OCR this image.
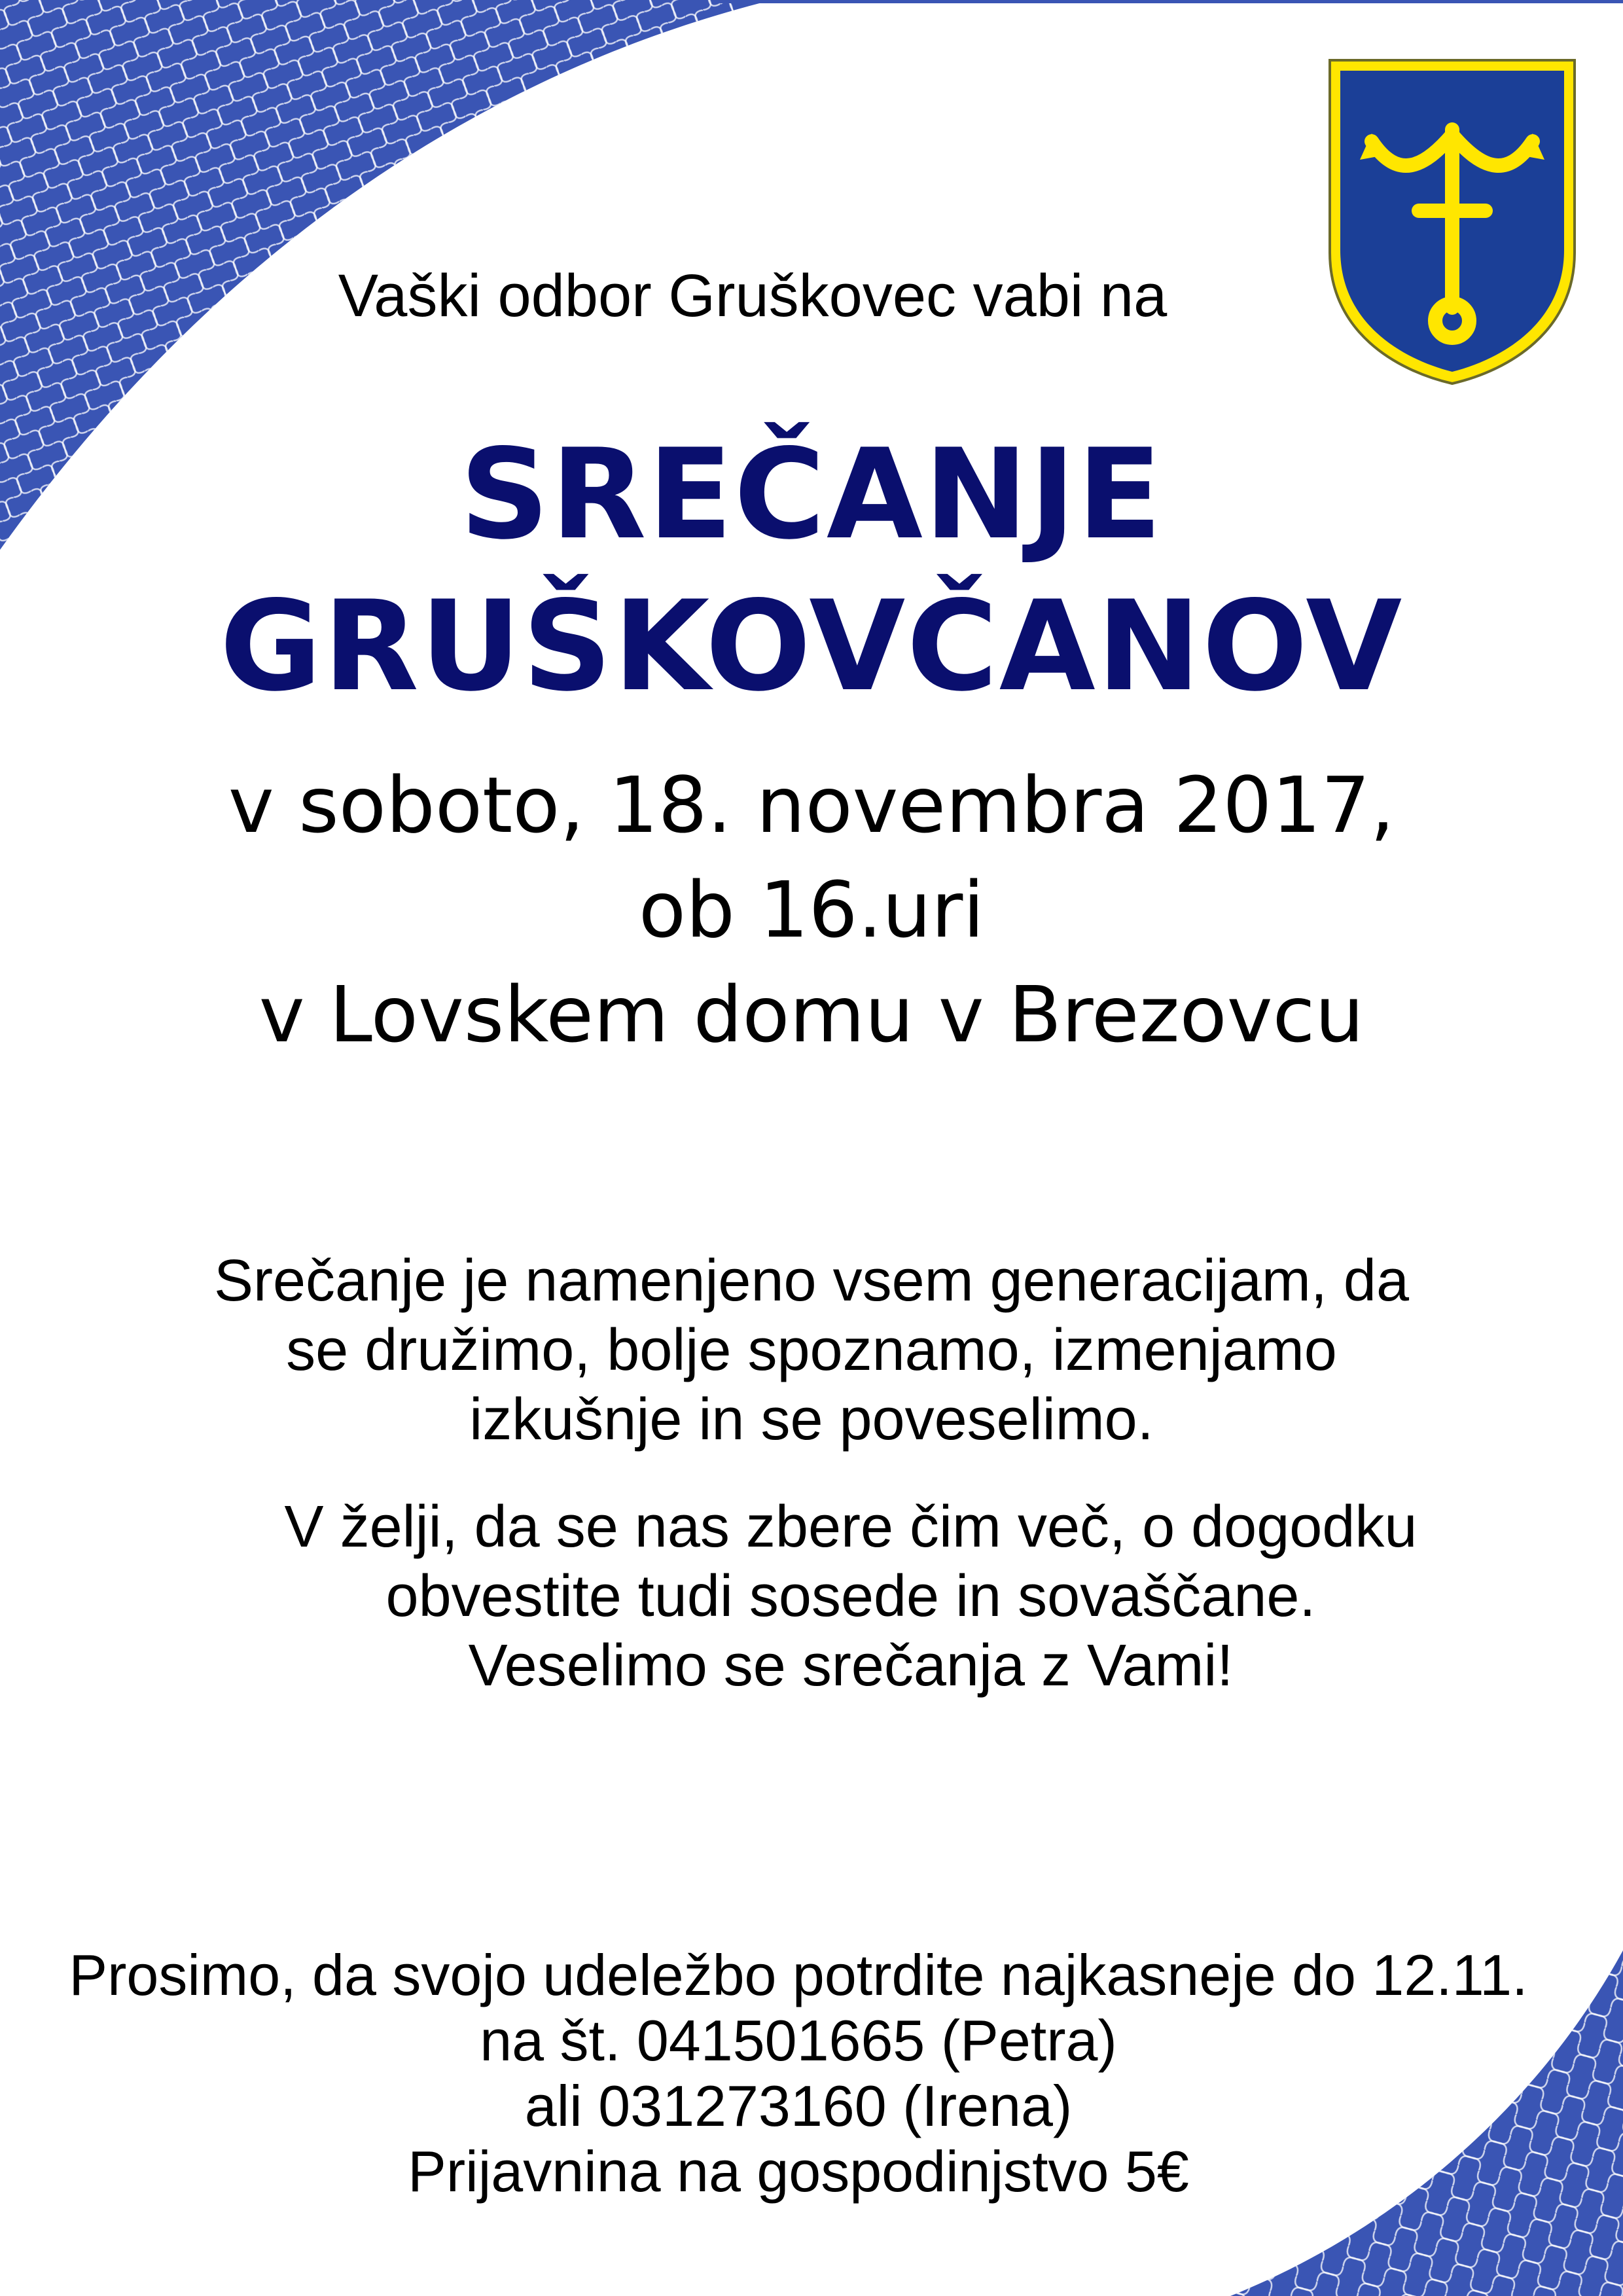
Vaški odbor Gruškovec vabi na
SREČANJE
GRUŠKOVČANOV
v soboto, 18. novembra 2017,
ob 16.uri
v Lovskem domu v Brezovcu
Srečanje je namenjeno vsem generacijam, da
se družimo, bolje spoznamo, izmenjamo
izkušnje in se poveselimo.
V želji, da se nas zbere čim več, o dogodku
obvestite tudi sosede in sovaščane.
Veselimo se srečanja z Vami!
Prosimo, da svojo udeležbo potrdite najkasneje do 12.11.
na št. 041501665 (Petra)
ali 031273160 (Irena)
Prijavnina na gospodinjstvo 5€
